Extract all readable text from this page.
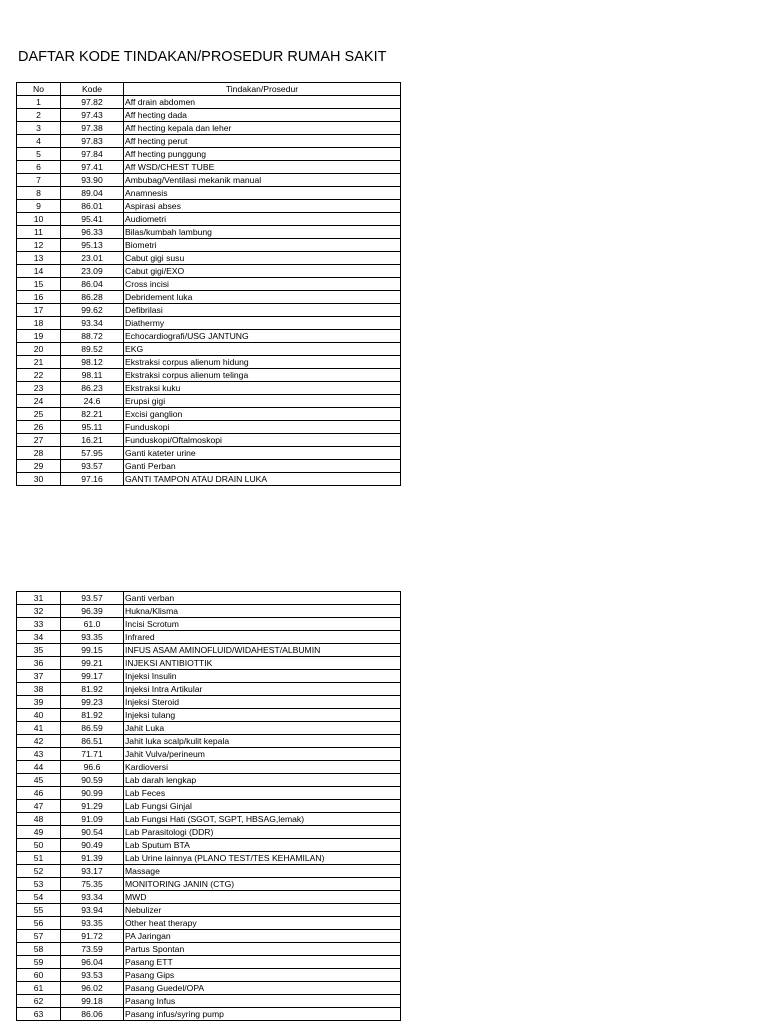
DAFTAR KODE TINDAKAN/PROSEDUR RUMAH SAKIT
No	Kode	Tindakan/Prosedur
1	97.82	Aff drain abdomen
2	97.43	Aff hecting dada
3	97.38	Aff hecting kepala dan leher
4	97.83	Aff hecting perut
5	97.84	Aff hecting punggung
6	97.41	Aff WSD/CHEST TUBE
7	93.90	Ambubag/Ventilasi mekanik manual
8	89.04	Anamnesis
9	86.01	Aspirasi abses
10	95.41	Audiometri
11	96.33	Bilas/kumbah lambung
12	95.13	Biometri
13	23.01	Cabut gigi susu
14	23.09	Cabut gigi/EXO
15	86.04	Cross incisi
16	86.28	Debridement luka
17	99.62	Defibrilasi
18	93.34	Diathermy
19	88.72	Echocardiografi/USG JANTUNG
20	89.52	EKG
21	98.12	Ekstraksi corpus alienum hidung
22	98.11	Ekstraksi corpus alienum telinga
23	86.23	Ekstraksi kuku
24	24.6	Erupsi gigi
25	82.21	Excisi ganglion
26	95.11	Funduskopi
27	16.21	Funduskopi/Oftalmoskopi
28	57.95	Ganti kateter urine
29	93.57	Ganti Perban
30	97.16	GANTI TAMPON ATAU DRAIN LUKA
31	93.57	Ganti verban
32	96.39	Hukna/Klisma
33	61.0	Incisi Scrotum
34	93.35	Infrared
35	99.15	INFUS ASAM AMINOFLUID/WIDAHEST/ALBUMIN
36	99.21	INJEKSI ANTIBIOTTIK
37	99.17	Injeksi Insulin
38	81.92	Injeksi Intra Artikular
39	99.23	Injeksi Steroid
40	81.92	Injeksi tulang
41	86.59	Jahit Luka
42	86.51	Jahit luka scalp/kulit kepala
43	71.71	Jahit Vulva/perineum
44	96.6	Kardioversi
45	90.59	Lab darah lengkap
46	90.99	Lab Feces
47	91.29	Lab Fungsi Ginjal
48	91.09	Lab Fungsi Hati (SGOT, SGPT, HBSAG,lemak)
49	90.54	Lab Parasitologi (DDR)
50	90.49	Lab Sputum BTA
51	91.39	Lab Urine lainnya (PLANO TEST/TES KEHAMILAN)
52	93.17	Massage
53	75.35	MONITORING JANIN (CTG)
54	93.34	MWD
55	93.94	Nebulizer
56	93.35	Other heat therapy
57	91.72	PA Jaringan
58	73.59	Partus Spontan
59	96.04	Pasang ETT
60	93.53	Pasang Gips
61	96.02	Pasang Guedel/OPA
62	99.18	Pasang Infus
63	86.06	Pasang infus/syring pump
